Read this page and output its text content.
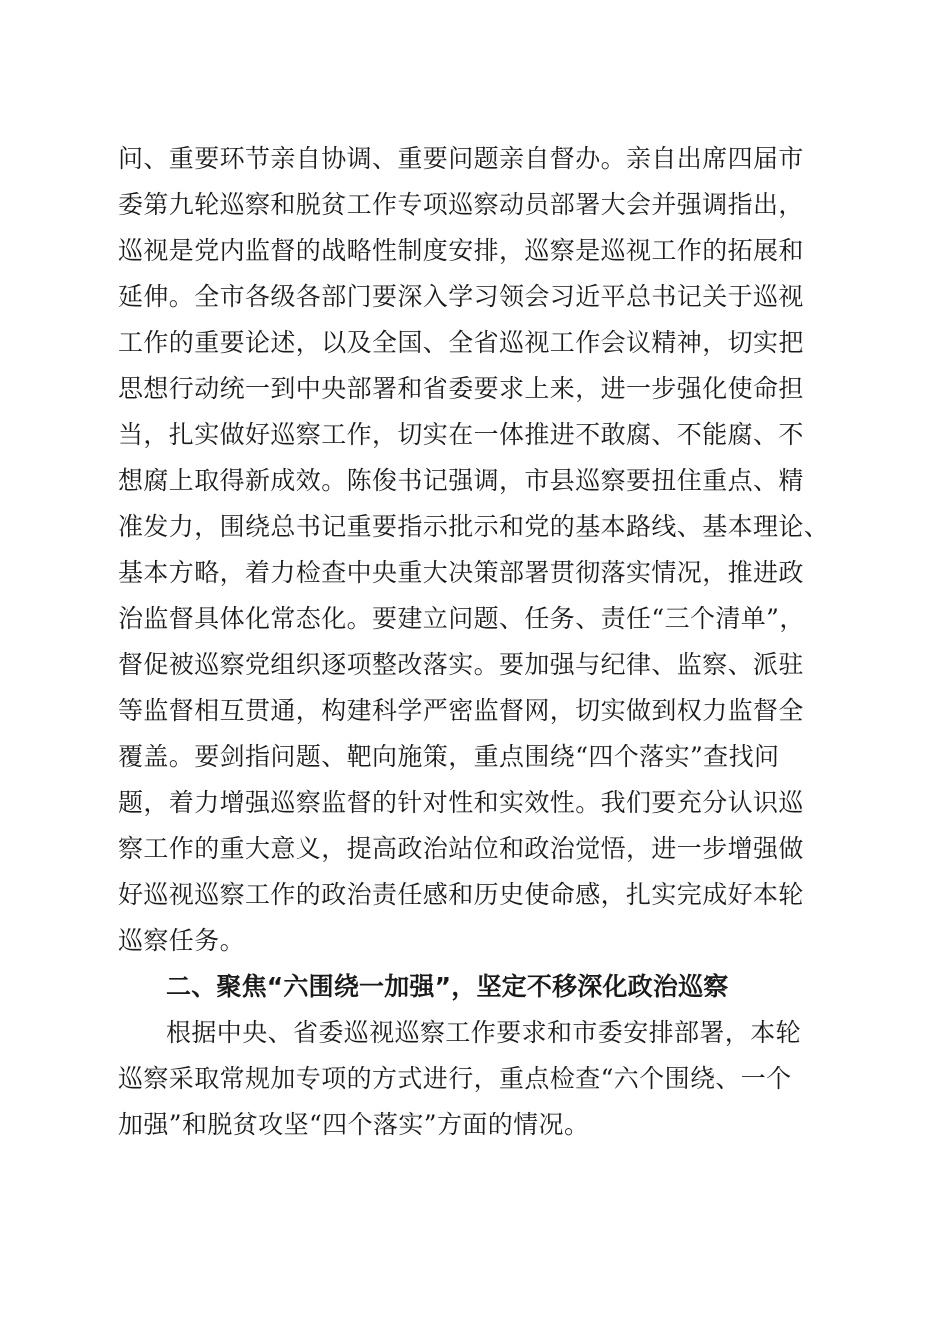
问、重要环节亲自协调、重要问题亲自督办。亲自出席四届市
委第九轮巡察和脱贫工作专项巡察动员部署大会并强调指出，
巡视是党内监督的战略性制度安排，巡察是巡视工作的拓展和
延伸。全市各级各部门要深入学习领会习近平总书记关于巡视
工作的重要论述，以及全国、全省巡视工作会议精神，切实把
思想行动统一到中央部署和省委要求上来，进一步强化使命担
当，扎实做好巡察工作，切实在一体推进不敢腐、不能腐、不
想腐上取得新成效。陈俊书记强调，市县巡察要扭住重点、精
准发力，围绕总书记重要指示批示和党的基本路线、基本理论、
基本方略，着力检查中央重大决策部署贯彻落实情况，推进政
治监督具体化常态化。要建立问题、任务、责任“三个清单”，
督促被巡察党组织逐项整改落实。要加强与纪律、监察、派驻
等监督相互贯通，构建科学严密监督网，切实做到权力监督全
覆盖。要剑指问题、靶向施策，重点围绕“四个落实”查找问
题，着力增强巡察监督的针对性和实效性。我们要充分认识巡
察工作的重大意义，提高政治站位和政治觉悟，进一步增强做
好巡视巡察工作的政治责任感和历史使命感，扎实完成好本轮
巡察任务。
二、聚焦“六围绕一加强”，坚定不移深化政治巡察
根据中央、省委巡视巡察工作要求和市委安排部署，本轮
巡察采取常规加专项的方式进行，重点检查“六个围绕、一个
加强”和脱贫攻坚“四个落实”方面的情况。
